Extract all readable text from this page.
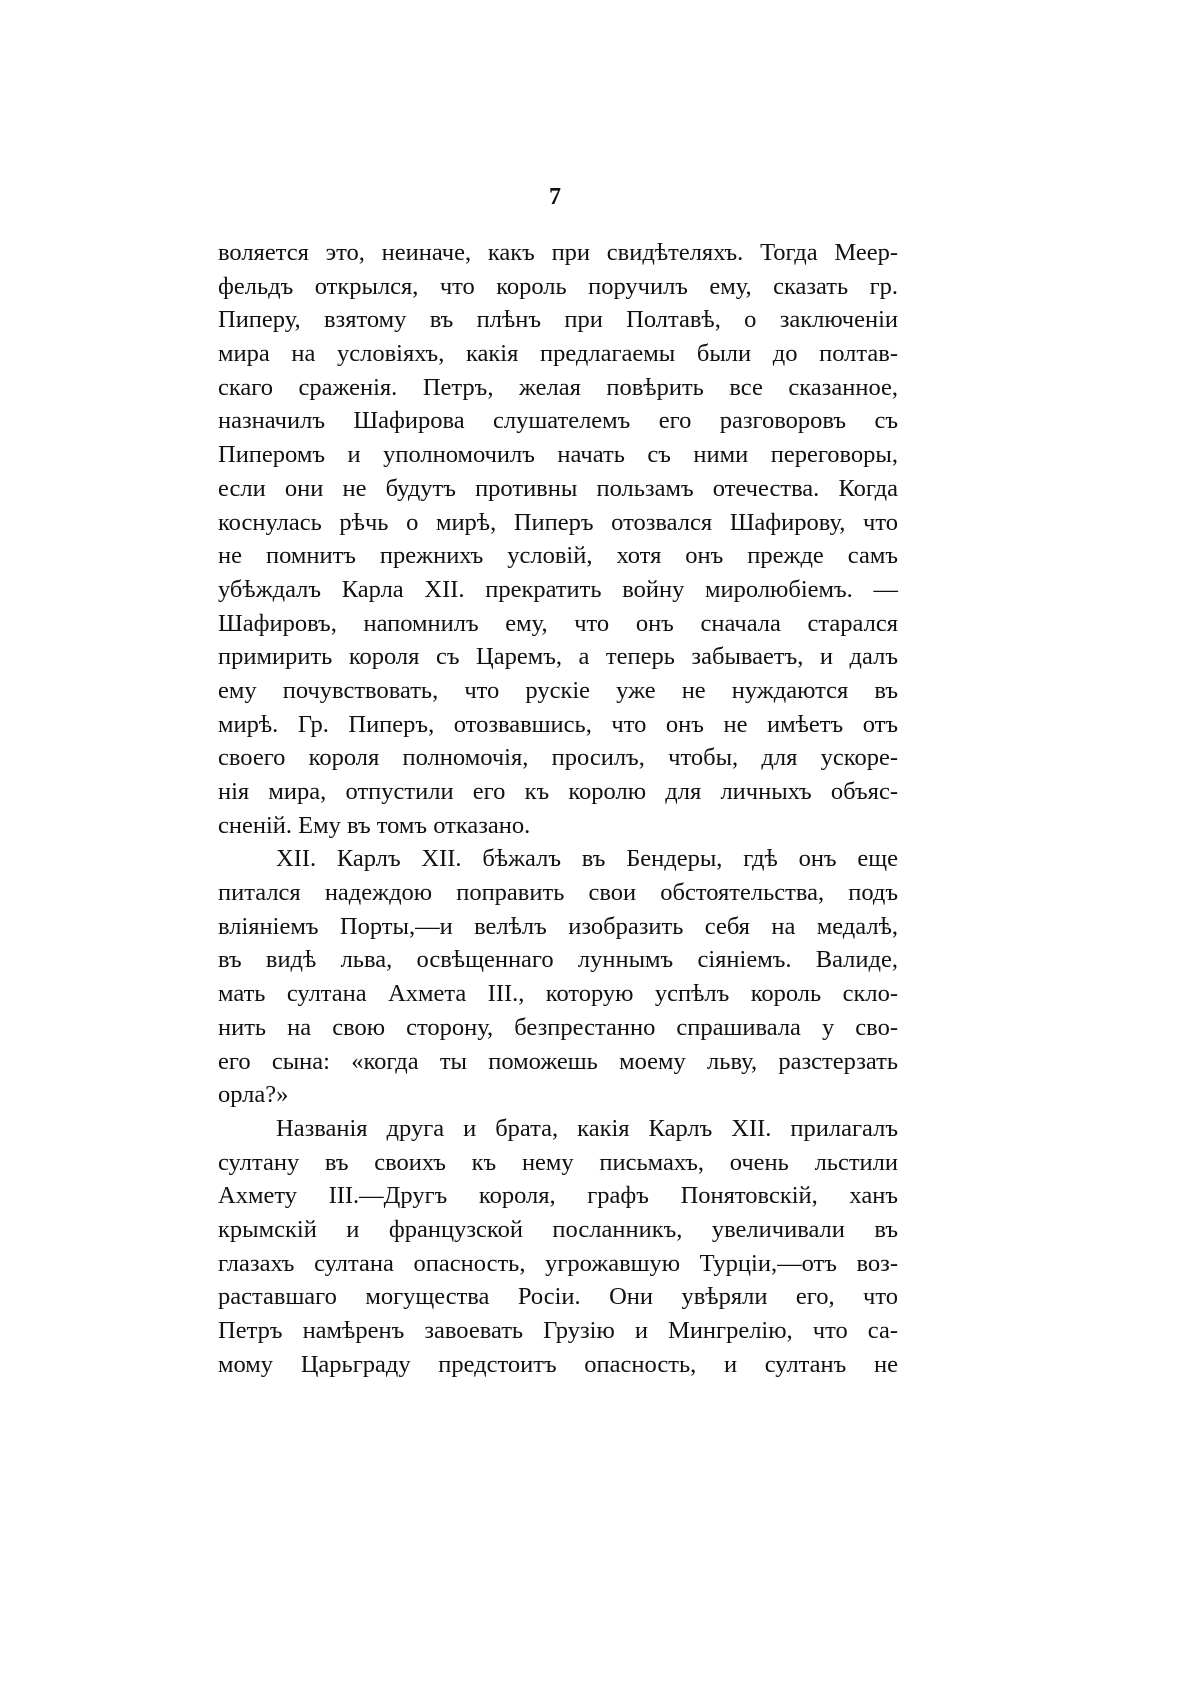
7
воляется это, неиначе, какъ при свидѣтеляхъ. Тогда Меер-
фельдъ открылся, что король поручилъ ему, сказать гр.
Пиперу, взятому въ плѣнъ при Полтавѣ, о заключеніи
мира на условіяхъ, какія предлагаемы были до полтав-
скаго сраженія. Петръ, желая повѣрить все сказанное,
назначилъ Шафирова слушателемъ его разговоровъ съ
Пиперомъ и уполномочилъ начать съ ними переговоры,
если они не будутъ противны пользамъ отечества. Когда
коснулась рѣчь о мирѣ, Пиперъ отозвался Шафирову, что
не помнитъ прежнихъ условій, хотя онъ прежде самъ
убѣждалъ Карла XII. прекратить войну миролюбіемъ. —
Шафировъ, напомнилъ ему, что онъ сначала старался
примирить короля съ Царемъ, а теперь забываетъ, и далъ
ему почувствовать, что рускіе уже не нуждаются въ
мирѣ. Гр. Пиперъ, отозвавшись, что онъ не имѣетъ отъ
своего короля полномочія, просилъ, чтобы, для ускоре-
нія мира, отпустили его къ королю для личныхъ объяс-
сненій. Ему въ томъ отказано.
XII. Карлъ XII. бѣжалъ въ Бендеры, гдѣ онъ еще
питался надеждою поправить свои обстоятельства, подъ
вліяніемъ Порты,—и велѣлъ изобразить себя на медалѣ,
въ видѣ льва, освѣщеннаго луннымъ сіяніемъ. Валиде,
мать султана Ахмета III., которую успѣлъ король скло-
нить на свою сторону, безпрестанно спрашивала у сво-
его сына: «когда ты поможешь моему льву, разстерзать
орла?»
Названія друга и брата, какія Карлъ XII. прилагалъ
султану въ своихъ къ нему письмахъ, очень льстили
Ахмету III.—Другъ короля, графъ Понятовскій, ханъ
крымскій и французской посланникъ, увеличивали въ
глазахъ султана опасность, угрожавшую Турціи,—отъ воз-
раставшаго могущества Росіи. Они увѣряли его, что
Петръ намѣренъ завоевать Грузію и Мингрелію, что са-
мому Царьграду предстоитъ опасность, и султанъ не
